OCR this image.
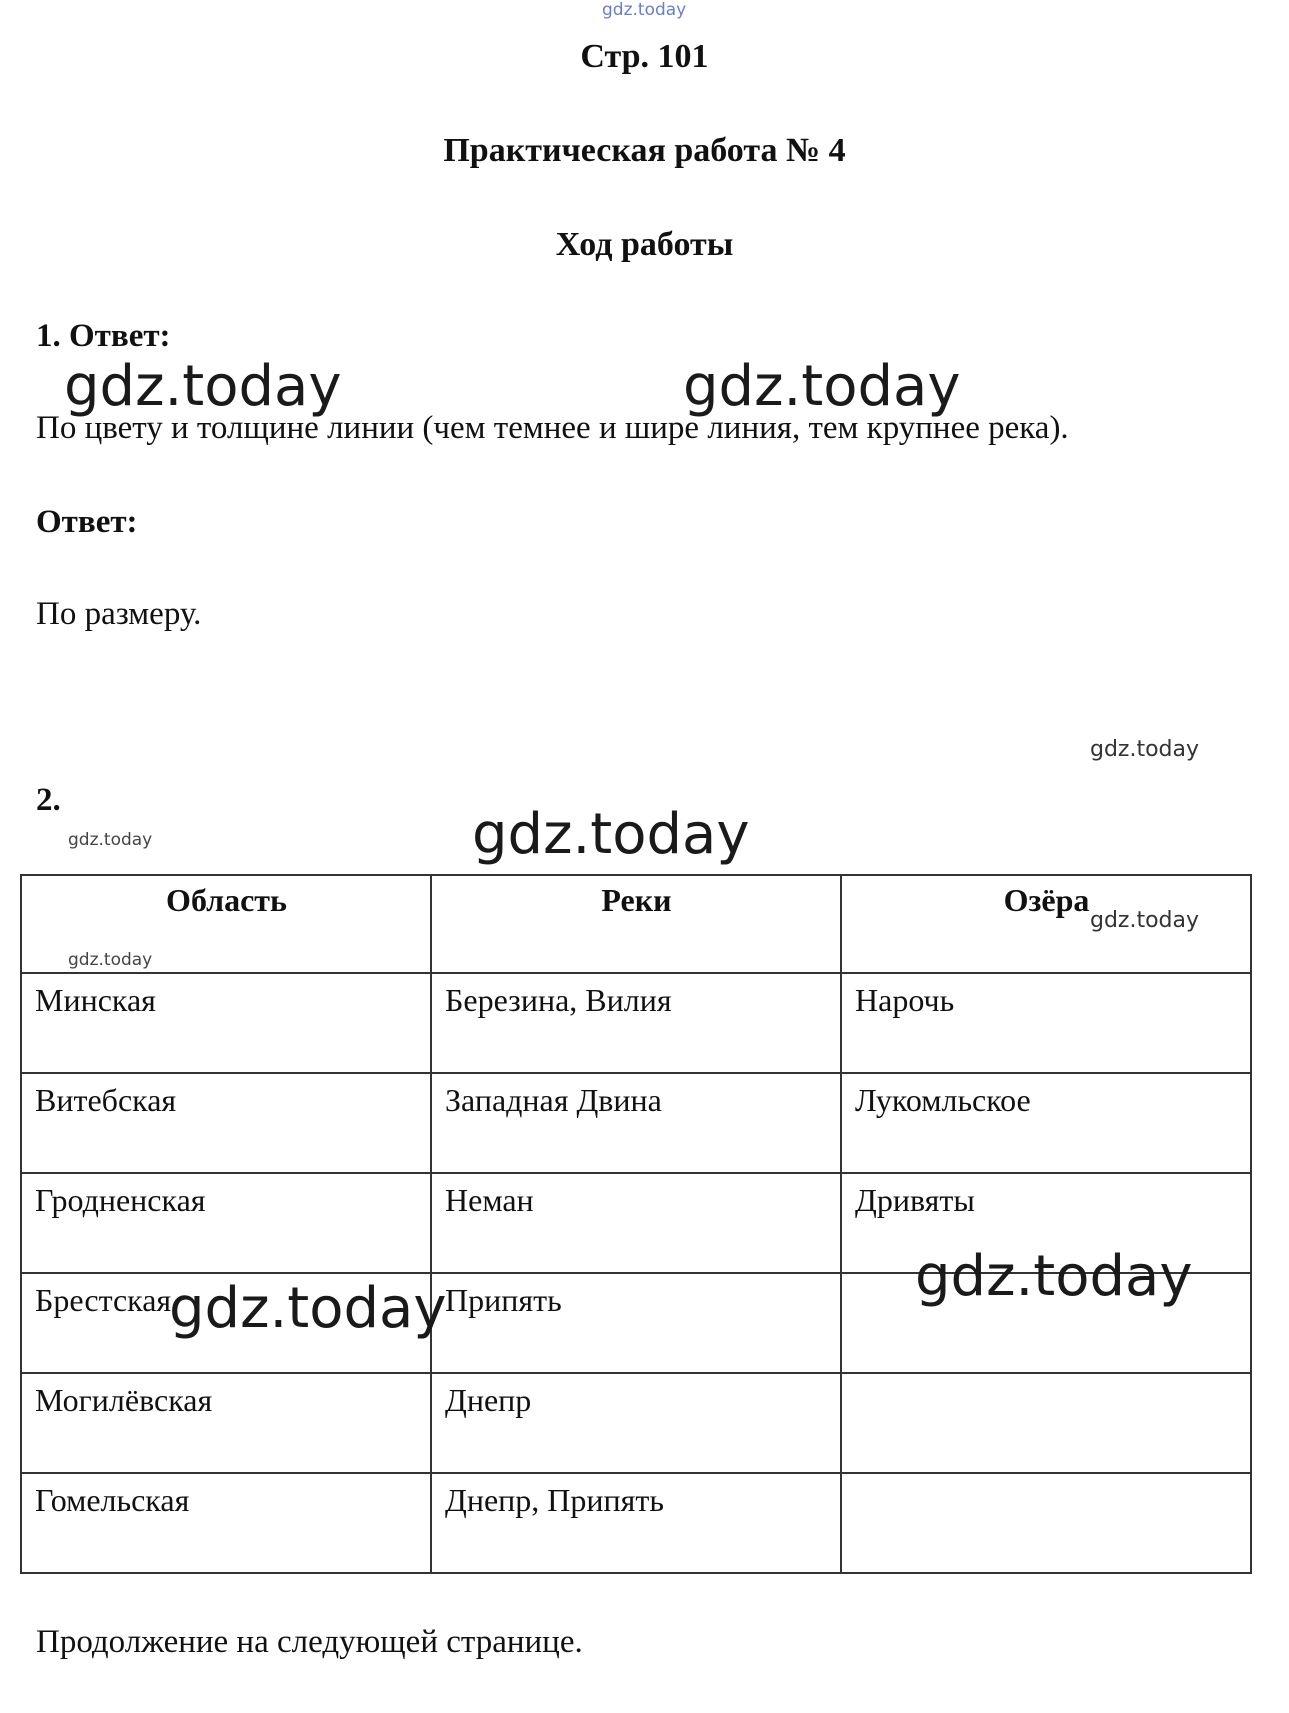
gdz.today
Стр. 101
Практическая работа № 4
Ход работы
1. Ответ:
По цвету и толщине линии (чем темнее и шире линия, тем крупнее река).
Ответ:
По размеру.
2.
Область	Реки	Озёра
Минская	Березина, Вилия	Нарочь
Витебская	Западная Двина	Лукомльское
Гродненская	Неман	Дривяты
Брестская	Припять	
Могилёвская	Днепр	
Гомельская	Днепр, Припять	
Продолжение на следующей странице.
gdz.today	gdz.today
gdz.today
gdz.today	gdz.today
gdz.today
gdz.today
gdz.today
gdz.today
